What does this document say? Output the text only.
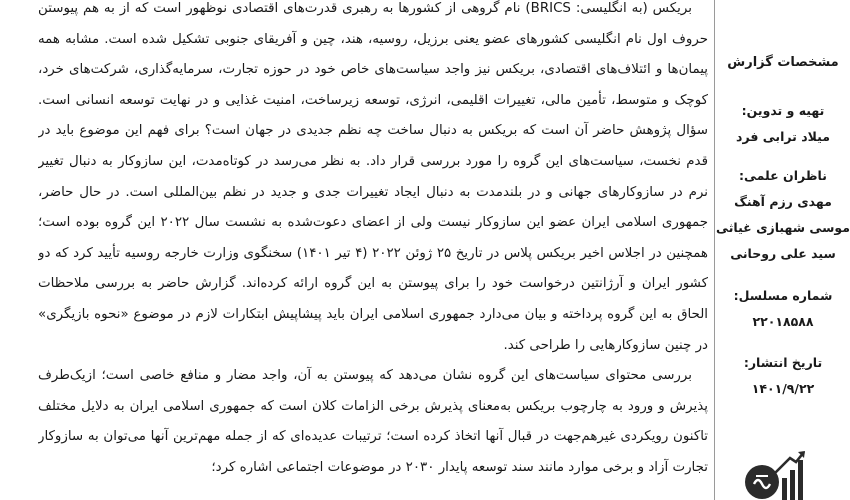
بریکس (به انگلیسی: BRICS) نام گروهی از کشورها به رهبری قدرت‌های اقتصادی نوظهور است که از به هم پیوستن حروف اول نام انگلیسی کشورهای عضو یعنی برزیل، روسیه، هند، چین و آفریقای جنوبی تشکیل شده است. مشابه همه پیمان‌ها و ائتلاف‌های اقتصادی، بریکس نیز واجد سیاست‌های خاص خود در حوزه تجارت، سرمایه‌گذاری، شرکت‌های خرد، کوچک و متوسط، تأمین مالی، تغییرات اقلیمی، انرژی، توسعه زیرساخت، امنیت غذایی و در نهایت توسعه انسانی است. سؤال پژوهش حاضر آن است که بریکس به دنبال ساخت چه نظم جدیدی در جهان است؟ برای فهم این موضوع باید در قدم نخست، سیاست‌های این گروه را مورد بررسی قرار داد. به نظر می‌رسد در کوتاه‌مدت، این سازوکار به دنبال تغییر نرم در سازوکارهای جهانی و در بلندمدت به دنبال ایجاد تغییرات جدی و جدید در نظم بین‌المللی است. در حال حاضر، جمهوری اسلامی ایران عضو این سازوکار نیست ولی از اعضای دعوت‌شده به نشست سال ۲۰۲۲ این گروه بوده است؛ همچنین در اجلاس اخیر بریکس پلاس در تاریخ ۲۵ ژوئن ۲۰۲۲ (۴ تیر ۱۴۰۱) سخنگوی وزارت خارجه روسیه تأیید کرد که دو کشور ایران و آرژانتین درخواست خود را برای پیوستن به این گروه ارائه کرده‌اند. گزارش حاضر به بررسی ملاحظات الحاق به این گروه پرداخته و بیان می‌دارد جمهوری اسلامی ایران باید پیشاپیش ابتکارات لازم در موضوع «نحوه بازیگری» در چنین سازوکارهایی را طراحی کند.

بررسی محتوای سیاست‌های این گروه نشان می‌دهد که پیوستن به آن، واجد مضار و منافع خاصی است؛ ازیک‌طرف پذیرش و ورود به چارچوب بریکس به‌معنای پذیرش برخی الزامات کلان است که جمهوری اسلامی ایران به دلایل مختلف تاکنون رویکردی غیرهم‌جهت در قبال آنها اتخاذ کرده است؛ ترتیبات عدیده‌ای که از جمله مهم‌ترین آنها می‌توان به سازوکار تجارت آزاد و برخی موارد مانند سند توسعه پایدار ۲۰۳۰ در موضوعات اجتماعی اشاره کرد؛

مشخصات گزارش
تهیه و تدوین:
میلاد ترابی فرد
ناظران علمی:
مهدی رزم آهنگ
موسی شهبازی غیاثی
سید علی روحانی
شماره مسلسل:
۲۲۰۱۸۵۸۸
تاریخ انتشار:
۱۴۰۱/۹/۲۲
